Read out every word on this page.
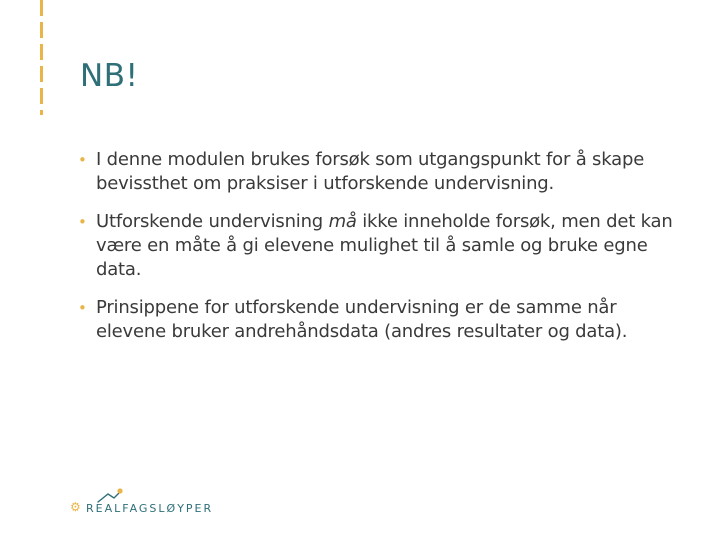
NB!
• I denne modulen brukes forsøk som utgangspunkt for å skape bevissthet om praksiser i utforskende undervisning.
• Utforskende undervisning må ikke inneholde forsøk, men det kan være en måte å gi elevene mulighet til å samle og bruke egne data.
• Prinsippene for utforskende undervisning er de samme når elevene bruker andrehåndsdata (andres resultater og data).
⚙ REALFAGSLØYPER
